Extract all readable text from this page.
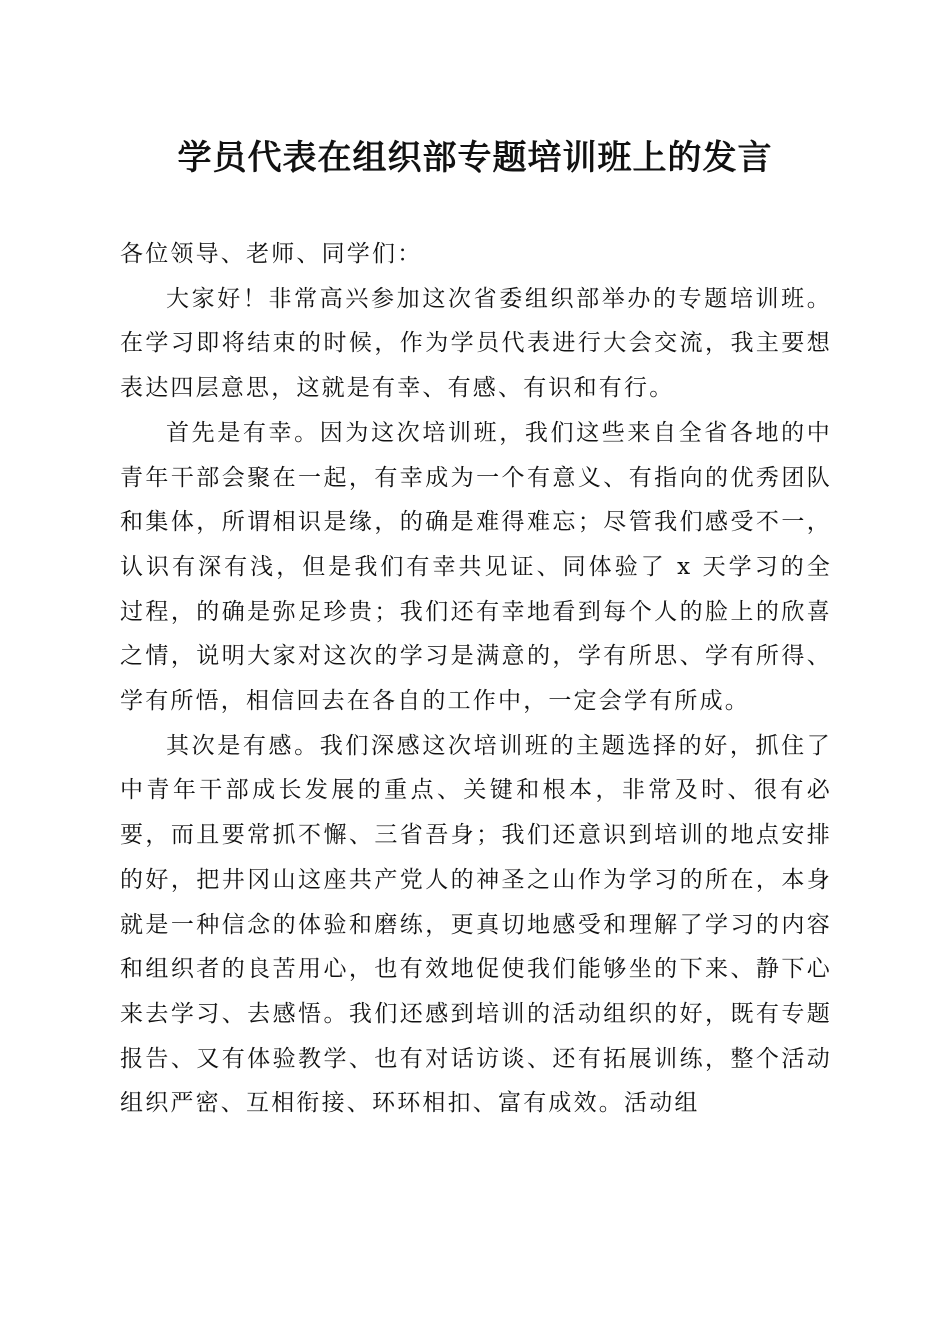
学员代表在组织部专题培训班上的发言

各位领导、老师、同学们：

大家好！非常高兴参加这次省委组织部举办的专题培训班。在学习即将结束的时候，作为学员代表进行大会交流，我主要想表达四层意思，这就是有幸、有感、有识和有行。

首先是有幸。因为这次培训班，我们这些来自全省各地的中青年干部会聚在一起，有幸成为一个有意义、有指向的优秀团队和集体，所谓相识是缘，的确是难得难忘；尽管我们感受不一，认识有深有浅，但是我们有幸共见证、同体验了 x 天学习的全过程，的确是弥足珍贵；我们还有幸地看到每个人的脸上的欣喜之情，说明大家对这次的学习是满意的，学有所思、学有所得、学有所悟，相信回去在各自的工作中，一定会学有所成。

其次是有感。我们深感这次培训班的主题选择的好，抓住了中青年干部成长发展的重点、关键和根本，非常及时、很有必要，而且要常抓不懈、三省吾身；我们还意识到培训的地点安排的好，把井冈山这座共产党人的神圣之山作为学习的所在，本身就是一种信念的体验和磨练，更真切地感受和理解了学习的内容和组织者的良苦用心，也有效地促使我们能够坐的下来、静下心来去学习、去感悟。我们还感到培训的活动组织的好，既有专题报告、又有体验教学、也有对话访谈、还有拓展训练，整个活动组织严密、互相衔接、环环相扣、富有成效。活动组
